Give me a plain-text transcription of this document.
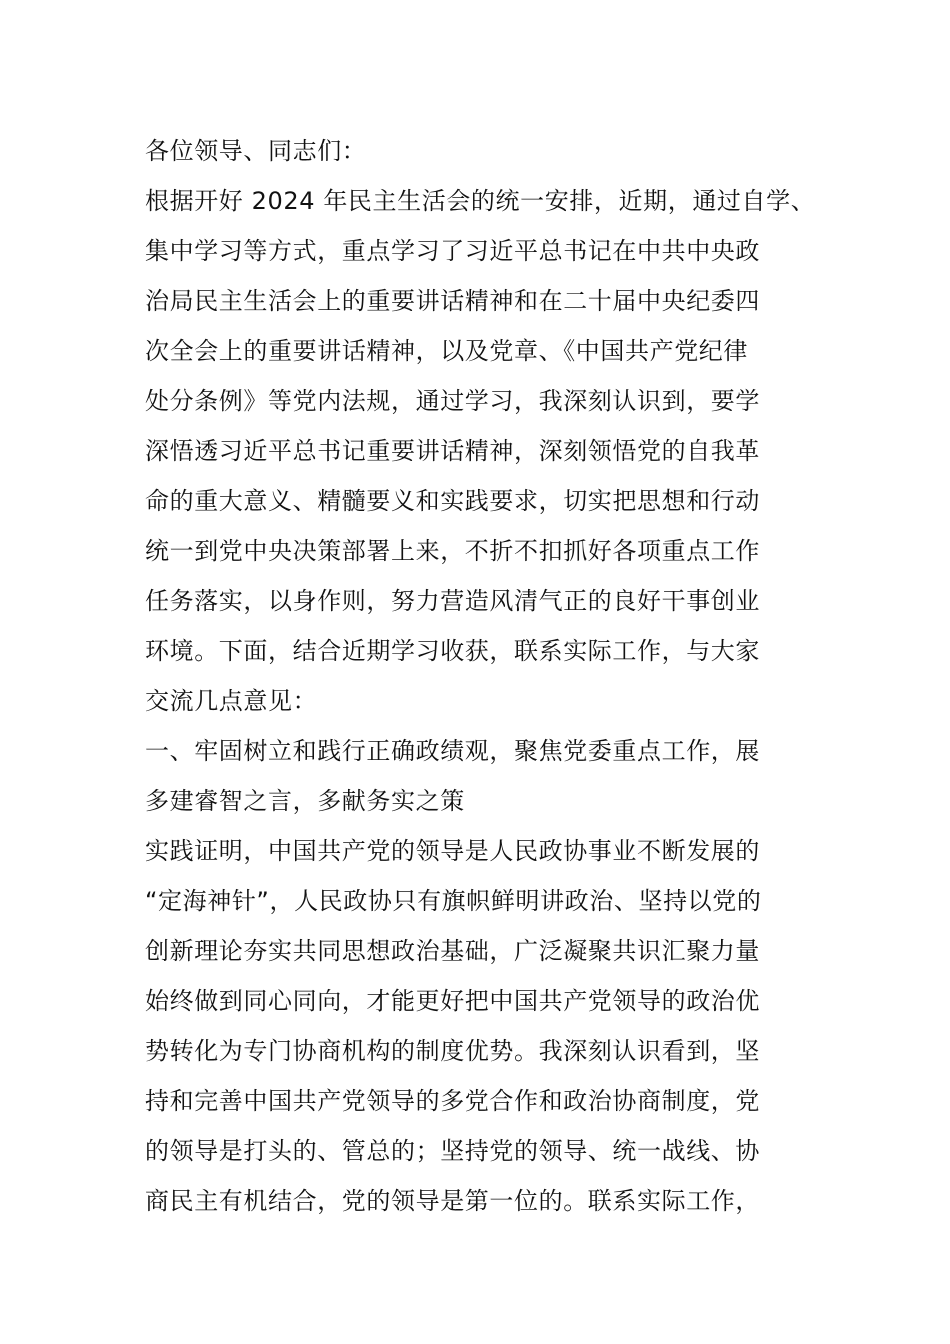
各位领导、同志们：
根据开好 2024 年民主生活会的统一安排，近期，通过自学、
集中学习等方式，重点学习了习近平总书记在中共中央政
治局民主生活会上的重要讲话精神和在二十届中央纪委四
次全会上的重要讲话精神，以及党章、《中国共产党纪律
处分条例》等党内法规，通过学习，我深刻认识到，要学
深悟透习近平总书记重要讲话精神，深刻领悟党的自我革
命的重大意义、精髓要义和实践要求，切实把思想和行动
统一到党中央决策部署上来，不折不扣抓好各项重点工作
任务落实，以身作则，努力营造风清气正的良好干事创业
环境。下面，结合近期学习收获，联系实际工作，与大家
交流几点意见：
一、牢固树立和践行正确政绩观，聚焦党委重点工作，展
多建睿智之言，多献务实之策
实践证明，中国共产党的领导是人民政协事业不断发展的
“定海神针”，人民政协只有旗帜鲜明讲政治、坚持以党的
创新理论夯实共同思想政治基础，广泛凝聚共识汇聚力量
始终做到同心同向，才能更好把中国共产党领导的政治优
势转化为专门协商机构的制度优势。我深刻认识看到，坚
持和完善中国共产党领导的多党合作和政治协商制度，党
的领导是打头的、管总的；坚持党的领导、统一战线、协
商民主有机结合，党的领导是第一位的。联系实际工作，
